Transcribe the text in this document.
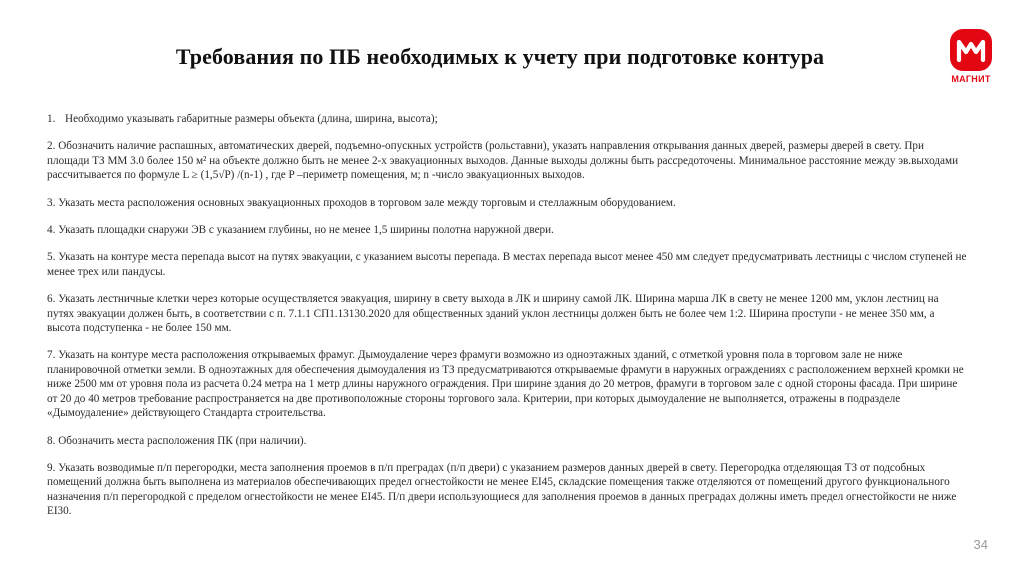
Требования по ПБ необходимых к учету при подготовке контура
МАГНИТ
1. Необходимо указывать габаритные размеры объекта (длина, ширина, высота);
2. Обозначить наличие распашных, автоматических дверей, подъемно-опускных устройств (рольставни), указать направления открывания данных дверей, размеры дверей в свету. При площади ТЗ ММ 3.0 более 150 м² на объекте должно быть не менее 2-х эвакуационных выходов. Данные выходы должны быть рассредоточены. Минимальное расстояние между эв.выходами рассчитывается по формуле L ≥ (1,5√P) /(n-1) , где P –периметр помещения, м; n -число эвакуационных выходов.
3. Указать места расположения основных эвакуационных проходов в торговом зале между торговым и стеллажным оборудованием.
4. Указать площадки снаружи ЭВ с указанием глубины, но не менее 1,5 ширины полотна наружной двери.
5. Указать на контуре места перепада высот на путях эвакуации, с указанием высоты перепада. В местах перепада высот менее 450 мм следует предусматривать лестницы с числом ступеней не менее трех или пандусы.
6. Указать лестничные клетки через которые осуществляется эвакуация, ширину в свету выхода в ЛК и ширину самой ЛК. Ширина марша ЛК в свету не менее 1200 мм, уклон лестниц на путях эвакуации должен быть, в соответствии с п. 7.1.1 СП1.13130.2020 для общественных зданий уклон лестницы должен быть не более чем 1:2. Ширина проступи - не менее 350 мм, а высота подступенка - не более 150 мм.
7. Указать на контуре места расположения открываемых фрамуг. Дымоудаление через фрамуги возможно из одноэтажных зданий, с отметкой уровня пола в торговом зале не ниже планировочной отметки земли. В одноэтажных для обеспечения дымоудаления из ТЗ предусматриваются открываемые фрамуги в наружных ограждениях с расположением верхней кромки не ниже 2500 мм от уровня пола из расчета 0.24 метра на 1 метр длины наружного ограждения. При ширине здания до 20 метров, фрамуги в торговом зале с одной стороны фасада. При ширине от 20 до 40 метров требование распространяется на две противоположные стороны торгового зала. Критерии, при которых дымоудаление не выполняется, отражены в подразделе «Дымоудаление» действующего Стандарта строительства.
8. Обозначить места расположения ПК (при наличии).
9. Указать возводимые п/п перегородки, места заполнения проемов в п/п преградах (п/п двери) с указанием размеров данных дверей в свету. Перегородка отделяющая ТЗ от подсобных помещений должна быть выполнена из материалов обеспечивающих предел огнестойкости не менее EI45, складские помещения также отделяются от помещений другого функционального назначения п/п перегородкой с пределом огнестойкости не менее EI45. П/п двери использующиеся для заполнения проемов в данных преградах должны иметь предел огнестойкости не ниже EI30.
34
